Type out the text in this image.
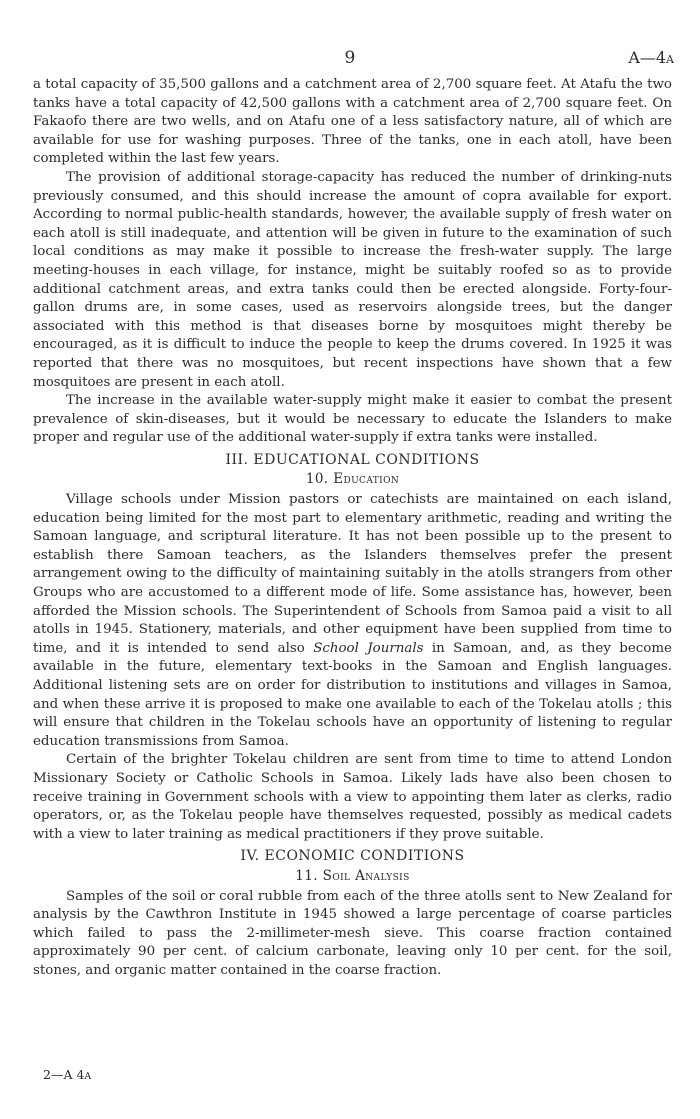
9	A—4A

a total capacity of 35,500 gallons and a catchment area of 2,700 square feet. At Atafu the two tanks have a total capacity of 42,500 gallons with a catchment area of 2,700 square feet. On Fakaofo there are two wells, and on Atafu one of a less satisfactory nature, all of which are available for use for washing purposes. Three of the tanks, one in each atoll, have been completed within the last few years.

The provision of additional storage-capacity has reduced the number of drinking-nuts previously consumed, and this should increase the amount of copra available for export. According to normal public-health standards, however, the available supply of fresh water on each atoll is still inadequate, and attention will be given in future to the examination of such local conditions as may make it possible to increase the fresh-water supply. The large meeting-houses in each village, for instance, might be suitably roofed so as to provide additional catchment areas, and extra tanks could then be erected alongside. Forty-four-gallon drums are, in some cases, used as reservoirs alongside trees, but the danger associated with this method is that diseases borne by mosquitoes might thereby be encouraged, as it is difficult to induce the people to keep the drums covered. In 1925 it was reported that there was no mosquitoes, but recent inspections have shown that a few mosquitoes are present in each atoll.

The increase in the available water-supply might make it easier to combat the present prevalence of skin-diseases, but it would be necessary to educate the Islanders to make proper and regular use of the additional water-supply if extra tanks were installed.

III. EDUCATIONAL CONDITIONS
10. Education

Village schools under Mission pastors or catechists are maintained on each island, education being limited for the most part to elementary arithmetic, reading and writing the Samoan language, and scriptural literature. It has not been possible up to the present to establish there Samoan teachers, as the Islanders themselves prefer the present arrangement owing to the difficulty of maintaining suitably in the atolls strangers from other Groups who are accustomed to a different mode of life. Some assistance has, however, been afforded the Mission schools. The Superintendent of Schools from Samoa paid a visit to all atolls in 1945. Stationery, materials, and other equipment have been supplied from time to time, and it is intended to send also School Journals in Samoan, and, as they become available in the future, elementary text-books in the Samoan and English languages. Additional listening sets are on order for distribution to institutions and villages in Samoa, and when these arrive it is proposed to make one available to each of the Tokelau atolls ; this will ensure that children in the Tokelau schools have an opportunity of listening to regular education transmissions from Samoa.

Certain of the brighter Tokelau children are sent from time to time to attend London Missionary Society or Catholic Schools in Samoa. Likely lads have also been chosen to receive training in Government schools with a view to appointing them later as clerks, radio operators, or, as the Tokelau people have themselves requested, possibly as medical cadets with a view to later training as medical practitioners if they prove suitable.

IV. ECONOMIC CONDITIONS
11. Soil Analysis

Samples of the soil or coral rubble from each of the three atolls sent to New Zealand for analysis by the Cawthron Institute in 1945 showed a large percentage of coarse particles which failed to pass the 2-millimeter-mesh sieve. This coarse fraction contained approximately 90 per cent. of calcium carbonate, leaving only 10 per cent. for the soil, stones, and organic matter contained in the coarse fraction.

2—A 4A
